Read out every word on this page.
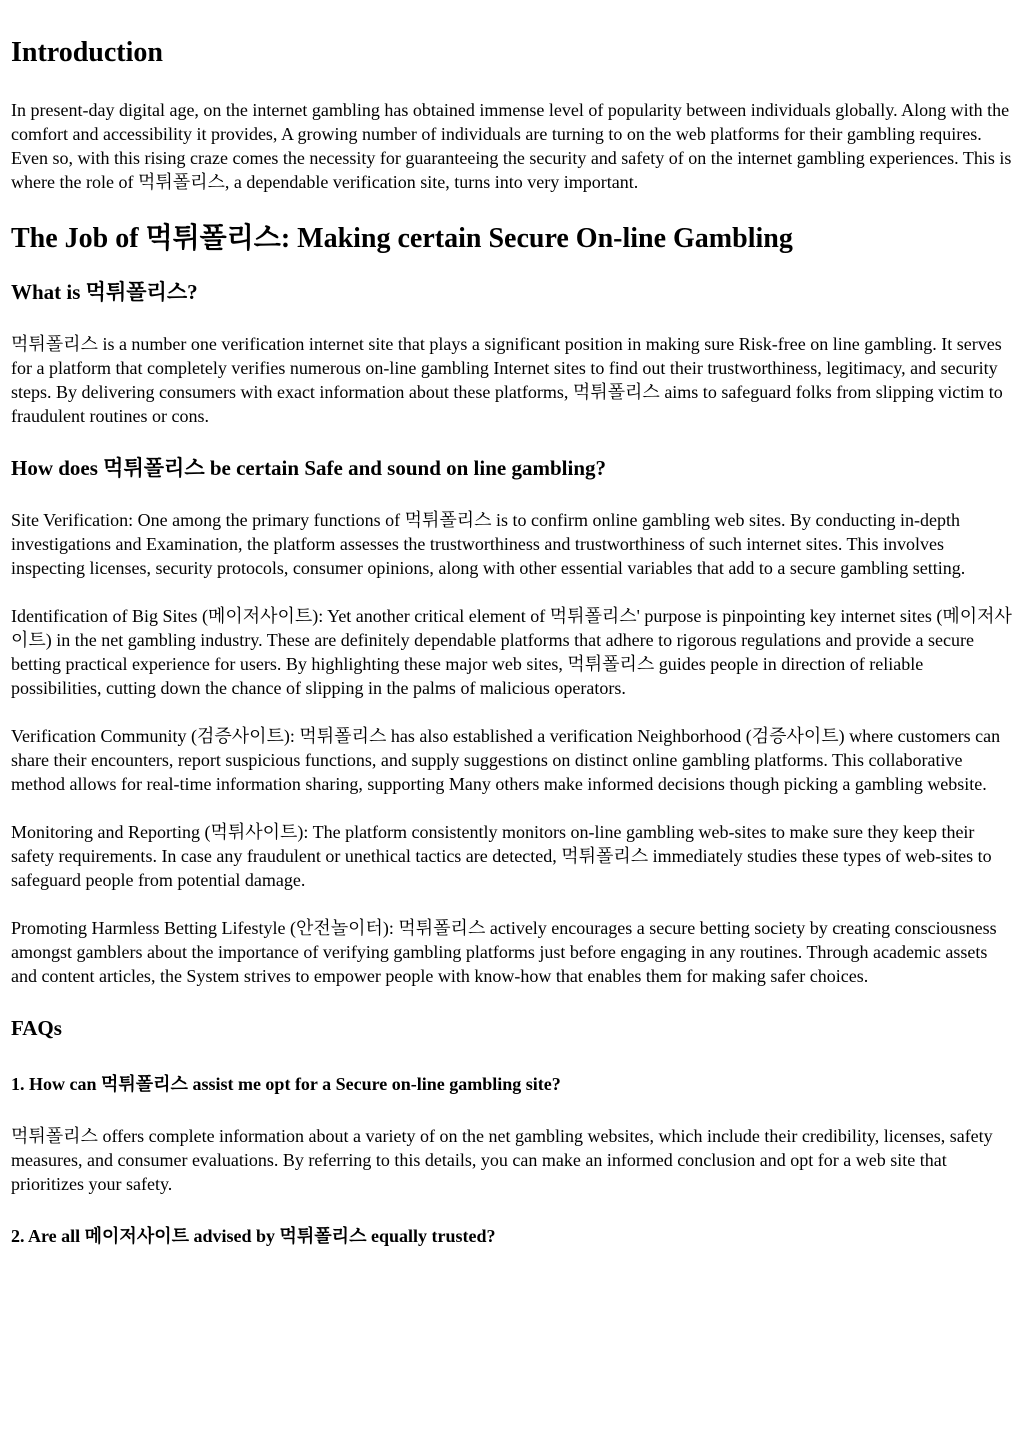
Introduction

In present-day digital age, on the internet gambling has obtained immense level of popularity between individuals globally. Along with the comfort and accessibility it provides, A growing number of individuals are turning to on the web platforms for their gambling requires. Even so, with this rising craze comes the necessity for guaranteeing the security and safety of on the internet gambling experiences. This is where the role of 먹튀폴리스, a dependable verification site, turns into very important.

The Job of 먹튀폴리스: Making certain Secure On-line Gambling
What is 먹튀폴리스?

먹튀폴리스 is a number one verification internet site that plays a significant position in making sure Risk-free on line gambling. It serves for a platform that completely verifies numerous on-line gambling Internet sites to find out their trustworthiness, legitimacy, and security steps. By delivering consumers with exact information about these platforms, 먹튀폴리스 aims to safeguard folks from slipping victim to fraudulent routines or cons.

How does 먹튀폴리스 be certain Safe and sound on line gambling?

Site Verification: One among the primary functions of 먹튀폴리스 is to confirm online gambling web sites. By conducting in-depth investigations and Examination, the platform assesses the trustworthiness and trustworthiness of such internet sites. This involves inspecting licenses, security protocols, consumer opinions, along with other essential variables that add to a secure gambling setting.

Identification of Big Sites (메이저사이트): Yet another critical element of 먹튀폴리스' purpose is pinpointing key internet sites (메이저사이트) in the net gambling industry. These are definitely dependable platforms that adhere to rigorous regulations and provide a secure betting practical experience for users. By highlighting these major web sites, 먹튀폴리스 guides people in direction of reliable possibilities, cutting down the chance of slipping in the palms of malicious operators.

Verification Community (검증사이트): 먹튀폴리스 has also established a verification Neighborhood (검증사이트) where customers can share their encounters, report suspicious functions, and supply suggestions on distinct online gambling platforms. This collaborative method allows for real-time information sharing, supporting Many others make informed decisions though picking a gambling website.

Monitoring and Reporting (먹튀사이트): The platform consistently monitors on-line gambling web-sites to make sure they keep their safety requirements. In case any fraudulent or unethical tactics are detected, 먹튀폴리스 immediately studies these types of web-sites to safeguard people from potential damage.

Promoting Harmless Betting Lifestyle (안전놀이터): 먹튀폴리스 actively encourages a secure betting society by creating consciousness amongst gamblers about the importance of verifying gambling platforms just before engaging in any routines. Through academic assets and content articles, the System strives to empower people with know-how that enables them for making safer choices.

FAQs
1. How can 먹튀폴리스 assist me opt for a Secure on-line gambling site?

먹튀폴리스 offers complete information about a variety of on the net gambling websites, which include their credibility, licenses, safety measures, and consumer evaluations. By referring to this details, you can make an informed conclusion and opt for a web site that prioritizes your safety.

2. Are all 메이저사이트 advised by 먹튀폴리스 equally trusted?
